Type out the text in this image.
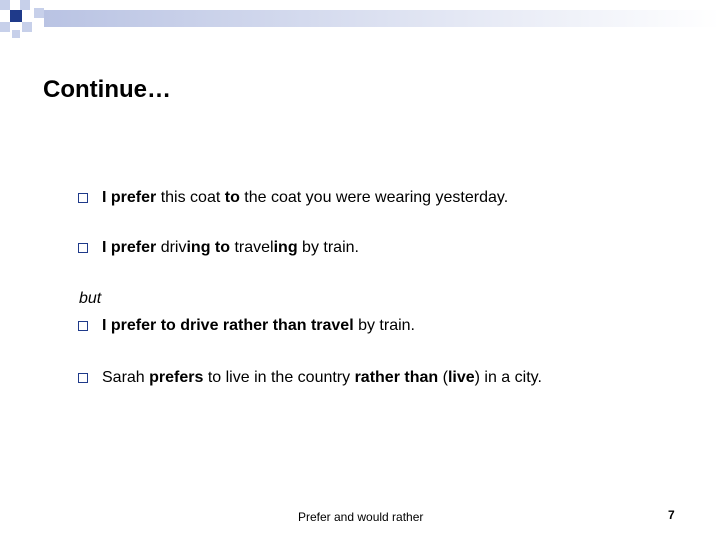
Continue…
I prefer this coat to the coat you were wearing yesterday.
I prefer driving to traveling by train.
but
I prefer to drive rather than travel by train.
Sarah prefers to live in the country rather than (live) in a city.
Prefer and would rather	7
